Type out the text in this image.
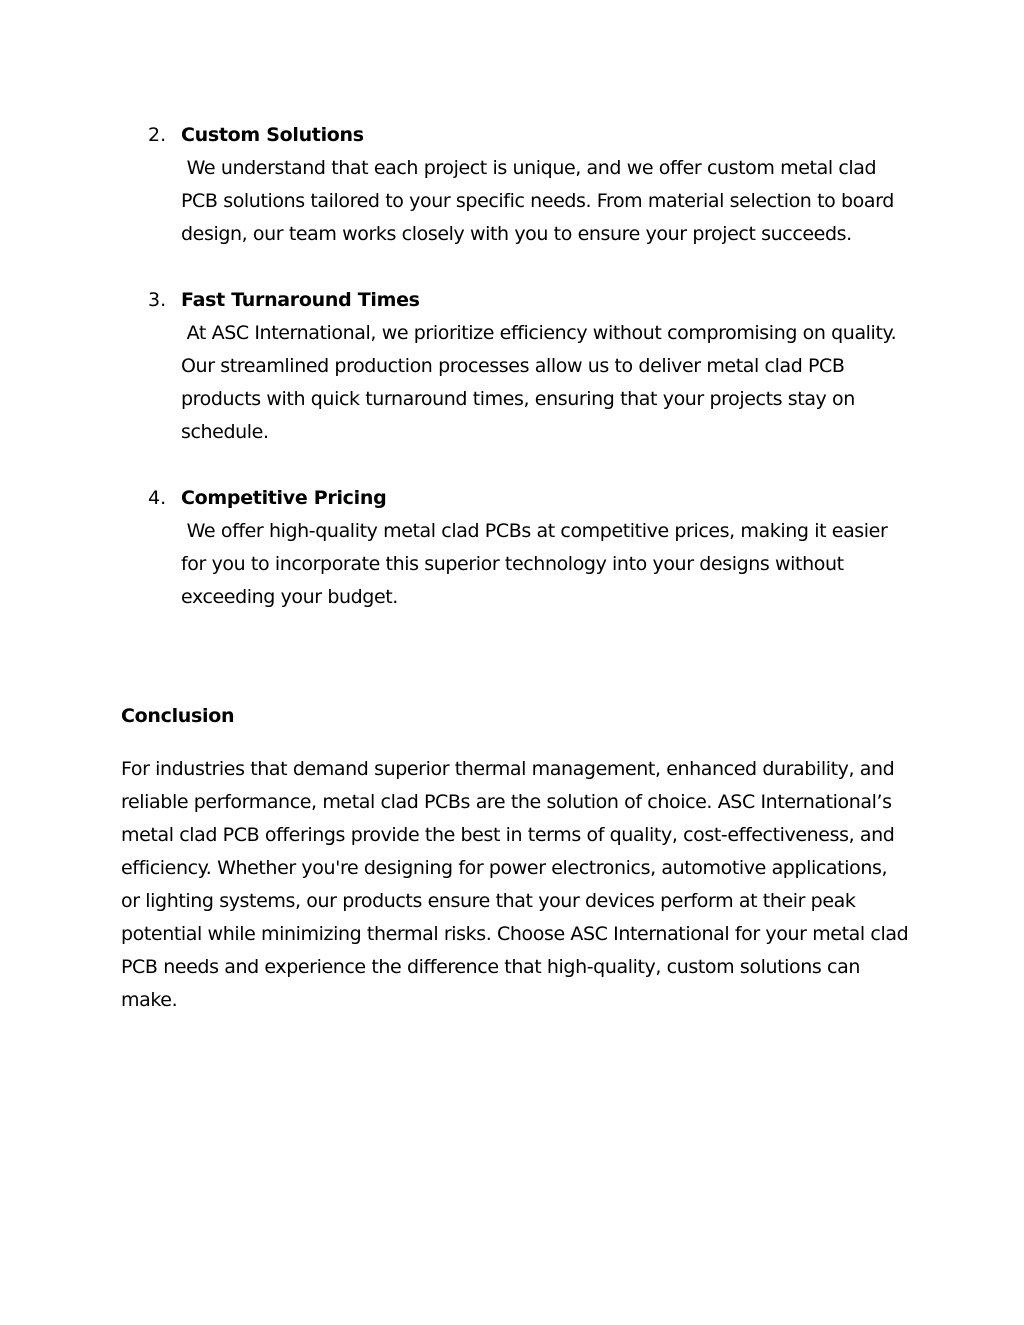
2. Custom Solutions
We understand that each project is unique, and we offer custom metal clad PCB solutions tailored to your specific needs. From material selection to board design, our team works closely with you to ensure your project succeeds.
3. Fast Turnaround Times
At ASC International, we prioritize efficiency without compromising on quality. Our streamlined production processes allow us to deliver metal clad PCB products with quick turnaround times, ensuring that your projects stay on schedule.
4. Competitive Pricing
We offer high-quality metal clad PCBs at competitive prices, making it easier for you to incorporate this superior technology into your designs without exceeding your budget.
Conclusion
For industries that demand superior thermal management, enhanced durability, and reliable performance, metal clad PCBs are the solution of choice. ASC International’s metal clad PCB offerings provide the best in terms of quality, cost-effectiveness, and efficiency. Whether you're designing for power electronics, automotive applications, or lighting systems, our products ensure that your devices perform at their peak potential while minimizing thermal risks. Choose ASC International for your metal clad PCB needs and experience the difference that high-quality, custom solutions can make.
